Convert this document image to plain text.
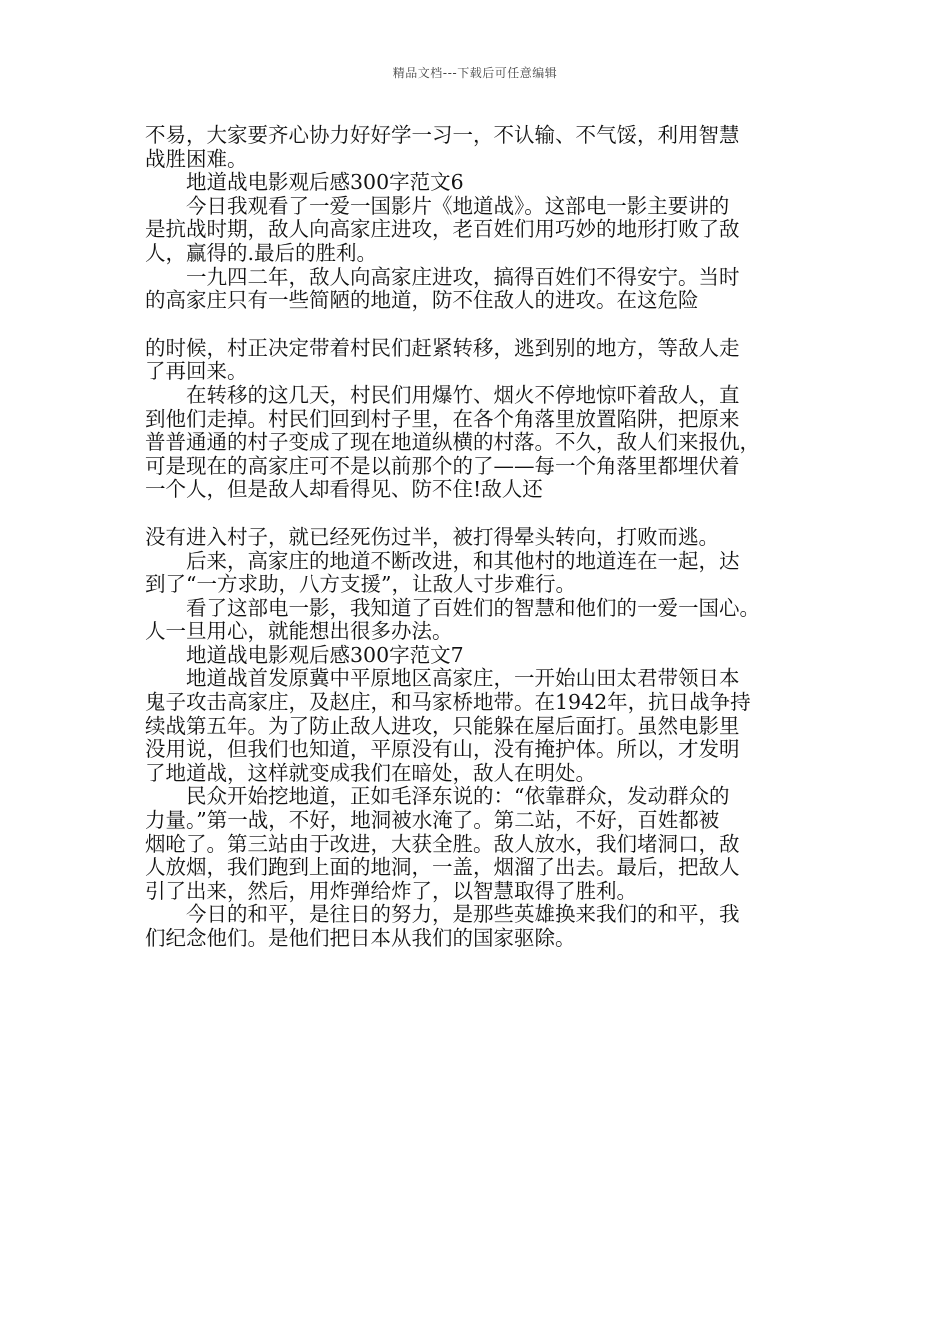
精品文档---下载后可任意编辑
不易，大家要齐心协力好好学一习一，不认输、不气馁，利用智慧
战胜困难。
　　地道战电影观后感300字范文6
　　今日我观看了一爱一国影片《地道战》。这部电一影主要讲的
是抗战时期，敌人向高家庄进攻，老百姓们用巧妙的地形打败了敌
人，赢得的.最后的胜利。
　　一九四二年，敌人向高家庄进攻，搞得百姓们不得安宁。当时
的高家庄只有一些简陋的地道，防不住敌人的进攻。在这危险
的时候，村正决定带着村民们赶紧转移，逃到别的地方，等敌人走
了再回来。
　　在转移的这几天，村民们用爆竹、烟火不停地惊吓着敌人，直
到他们走掉。村民们回到村子里，在各个角落里放置陷阱，把原来
普普通通的村子变成了现在地道纵横的村落。不久，敌人们来报仇，
可是现在的高家庄可不是以前那个的了——每一个角落里都埋伏着
一个人，但是敌人却看得见、防不住!敌人还
没有进入村子，就已经死伤过半，被打得晕头转向，打败而逃。
　　后来，高家庄的地道不断改进，和其他村的地道连在一起，达
到了“一方求助，八方支援”，让敌人寸步难行。
　　看了这部电一影，我知道了百姓们的智慧和他们的一爱一国心。
人一旦用心，就能想出很多办法。
　　地道战电影观后感300字范文7
　　地道战首发原冀中平原地区高家庄，一开始山田太君带领日本
鬼子攻击高家庄，及赵庄，和马家桥地带。在1942年，抗日战争持
续战第五年。为了防止敌人进攻，只能躲在屋后面打。虽然电影里
没用说，但我们也知道，平原没有山，没有掩护体。所以，才发明
了地道战，这样就变成我们在暗处，敌人在明处。
　　民众开始挖地道，正如毛泽东说的：“依靠群众，发动群众的
力量。”第一战，不好，地洞被水淹了。第二站，不好，百姓都被
烟呛了。第三站由于改进，大获全胜。敌人放水，我们堵洞口，敌
人放烟，我们跑到上面的地洞，一盖，烟溜了出去。最后，把敌人
引了出来，然后，用炸弹给炸了，以智慧取得了胜利。
　　今日的和平，是往日的努力，是那些英雄换来我们的和平，我
们纪念他们。是他们把日本从我们的国家驱除。
